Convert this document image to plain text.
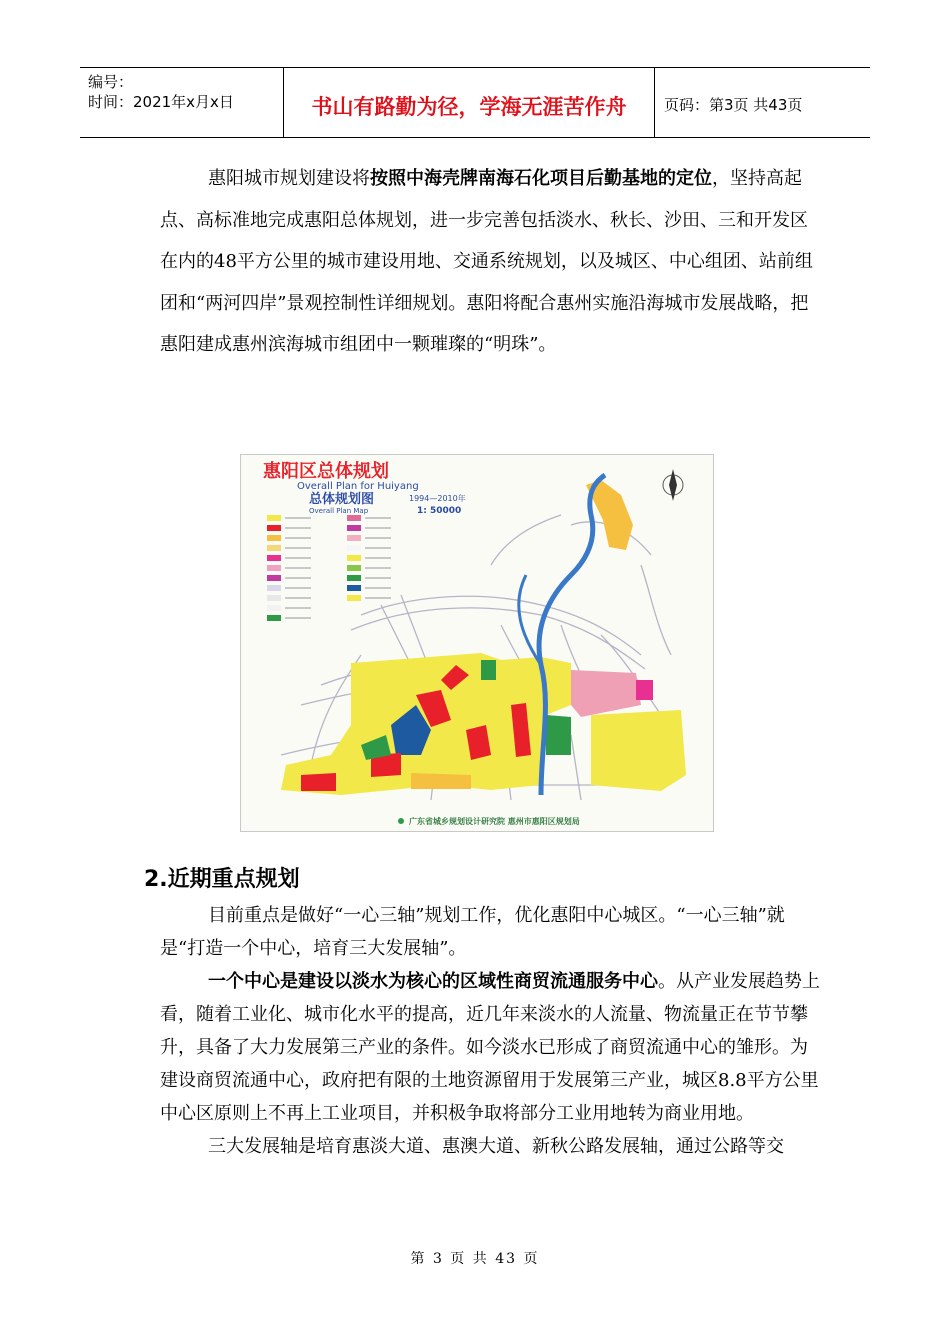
编号：
时间：2021年x月x日	书山有路勤为径，学海无涯苦作舟	页码：第3页 共43页

惠阳城市规划建设将按照中海壳牌南海石化项目后勤基地的定位，坚持高起点、高标准地完成惠阳总体规划，进一步完善包括淡水、秋长、沙田、三和开发区在内的48平方公里的城市建设用地、交通系统规划，以及城区、中心组团、站前组团和“两河四岸”景观控制性详细规划。惠阳将配合惠州实施沿海城市发展战略，把惠阳建成惠州滨海城市组团中一颗璀璨的“明珠”。

惠阳区总体规划
Overall Plan for Huiyang
总体规划图
Overall Plan Map
1994—2010年
1: 50000
广东省城乡规划设计研究院 惠州市惠阳区规划局
2.近期重点规划

目前重点是做好“一心三轴”规划工作，优化惠阳中心城区。“一心三轴”就是“打造一个中心，培育三大发展轴”。

一个中心是建设以淡水为核心的区域性商贸流通服务中心。从产业发展趋势上看，随着工业化、城市化水平的提高，近几年来淡水的人流量、物流量正在节节攀升，具备了大力发展第三产业的条件。如今淡水已形成了商贸流通中心的雏形。为建设商贸流通中心，政府把有限的土地资源留用于发展第三产业，城区8.8平方公里中心区原则上不再上工业项目，并积极争取将部分工业用地转为商业用地。

三大发展轴是培育惠淡大道、惠澳大道、新秋公路发展轴，通过公路等交

第 3 页 共 43 页
